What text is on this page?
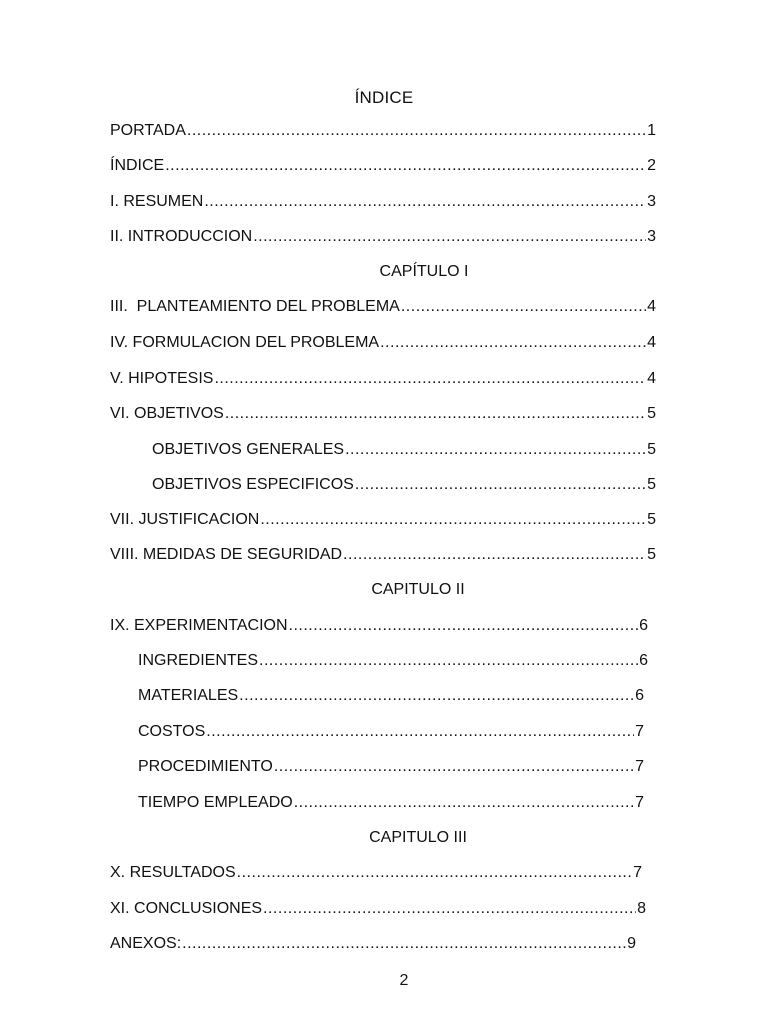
ÍNDICE
PORTADA .....	1
ÍNDICE .....	2
I. RESUMEN .....	3
II. INTRODUCCION .....	3
CAPÍTULO I
III.  PLANTEAMIENTO DEL PROBLEMA .....	4
IV. FORMULACION DEL PROBLEMA .....	4
V. HIPOTESIS .....	4
VI. OBJETIVOS .....	5
OBJETIVOS GENERALES .....	5
OBJETIVOS ESPECIFICOS .....	5
VII. JUSTIFICACION .....	5
VIII. MEDIDAS DE SEGURIDAD .....	5
CAPITULO II
IX. EXPERIMENTACION .....	6
INGREDIENTES .....	6
MATERIALES .....	6
COSTOS .....	7
PROCEDIMIENTO .....	7
TIEMPO EMPLEADO .....	7
CAPITULO III
X. RESULTADOS .....	7
XI. CONCLUSIONES .....	8
ANEXOS: .....	9
2
